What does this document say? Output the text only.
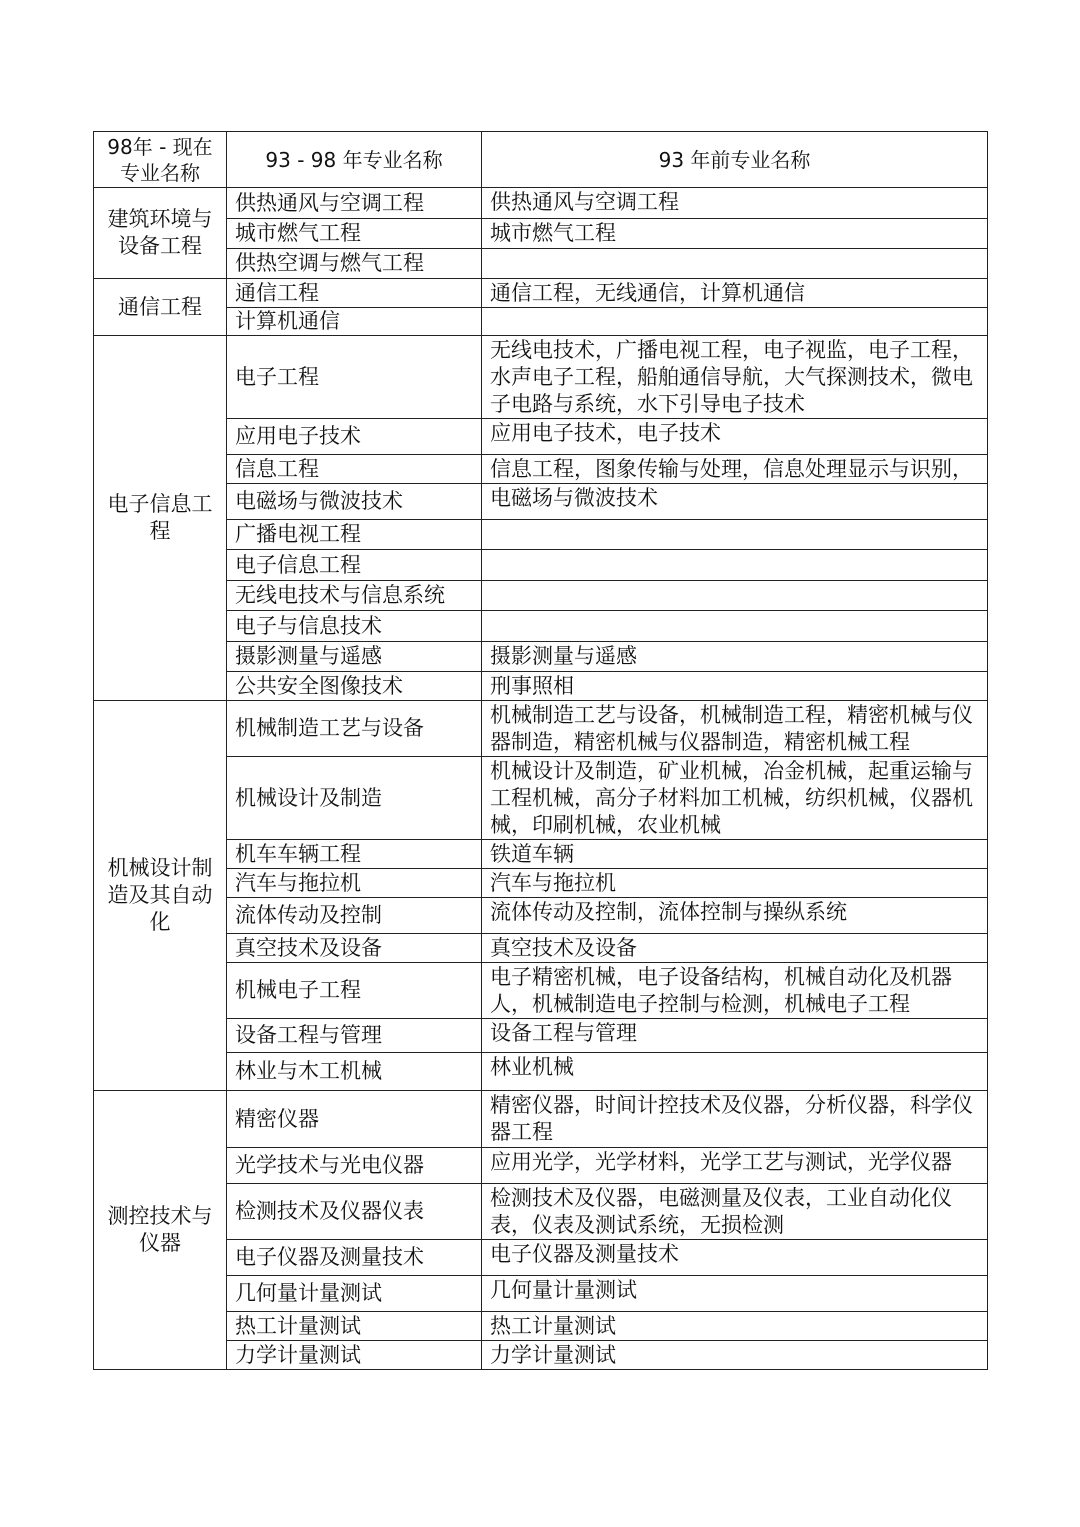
98年 - 现在 专业名称	93 - 98 年专业名称	93 年前专业名称
建筑环境与设备工程	供热通风与空调工程	供热通风与空调工程
	城市燃气工程	城市燃气工程
	供热空调与燃气工程	
通信工程	通信工程	通信工程，无线通信，计算机通信
	计算机通信	
电子信息工程	电子工程	无线电技术，广播电视工程，电子视监，电子工程，水声电子工程，船舶通信导航，大气探测技术，微电子电路与系统，水下引导电子技术
	应用电子技术	应用电子技术，电子技术
	信息工程	信息工程，图象传输与处理，信息处理显示与识别，
	电磁场与微波技术	电磁场与微波技术
	广播电视工程	
	电子信息工程	
	无线电技术与信息系统	
	电子与信息技术	
	摄影测量与遥感	摄影测量与遥感
	公共安全图像技术	刑事照相
机械设计制造及其自动化	机械制造工艺与设备	机械制造工艺与设备，机械制造工程，精密机械与仪器制造，精密机械与仪器制造，精密机械工程
	机械设计及制造	机械设计及制造，矿业机械，冶金机械，起重运输与工程机械，高分子材料加工机械，纺织机械，仪器机械，印刷机械，农业机械
	机车车辆工程	铁道车辆
	汽车与拖拉机	汽车与拖拉机
	流体传动及控制	流体传动及控制，流体控制与操纵系统
	真空技术及设备	真空技术及设备
	机械电子工程	电子精密机械，电子设备结构，机械自动化及机器人，机械制造电子控制与检测，机械电子工程
	设备工程与管理	设备工程与管理
	林业与木工机械	林业机械
测控技术与仪器	精密仪器	精密仪器，时间计控技术及仪器，分析仪器，科学仪器工程
	光学技术与光电仪器	应用光学，光学材料，光学工艺与测试，光学仪器
	检测技术及仪器仪表	检测技术及仪器，电磁测量及仪表，工业自动化仪表，仪表及测试系统，无损检测
	电子仪器及测量技术	电子仪器及测量技术
	几何量计量测试	几何量计量测试
	热工计量测试	热工计量测试
	力学计量测试	力学计量测试
